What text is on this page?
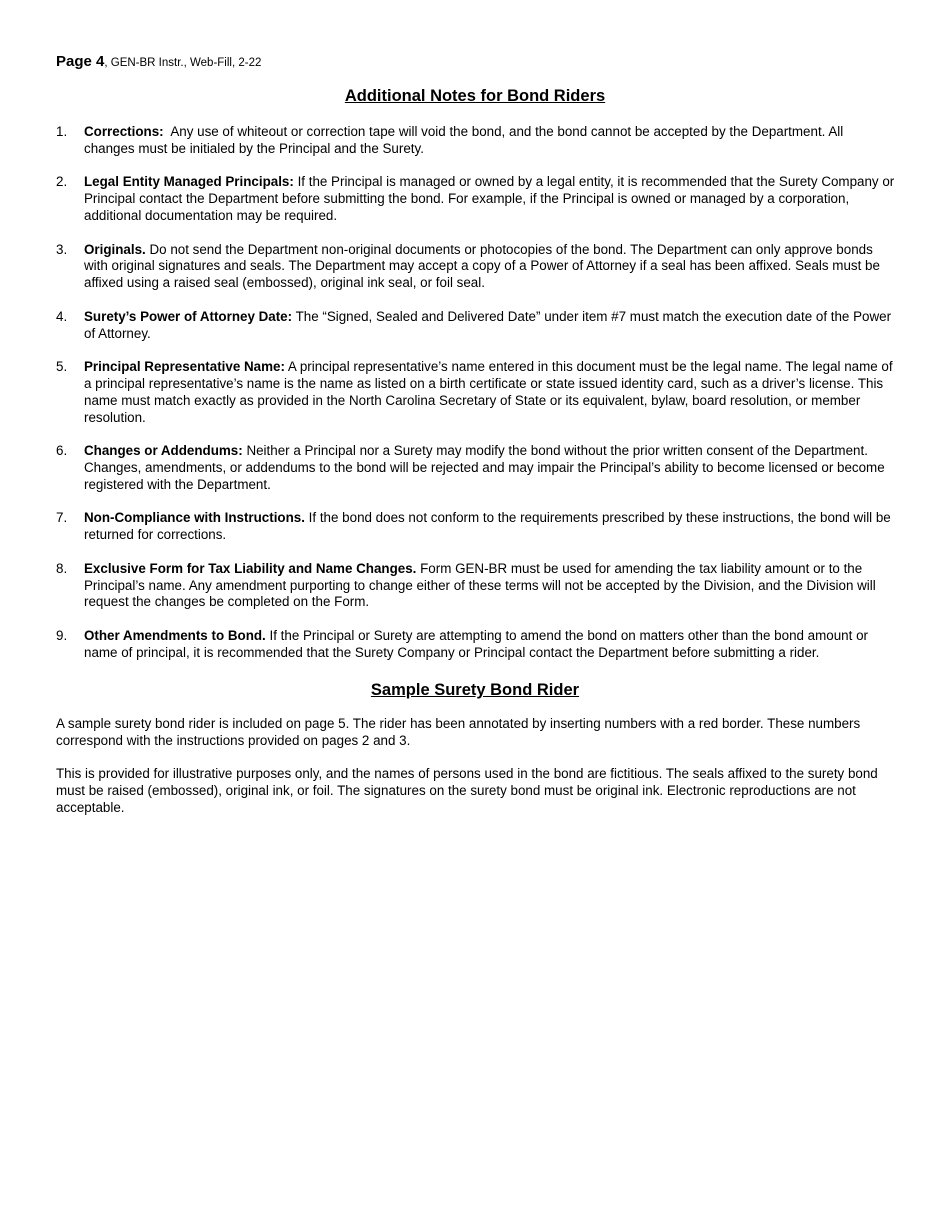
Page 4, GEN-BR Instr., Web-Fill, 2-22
Additional Notes for Bond Riders
1.	Corrections:  Any use of whiteout or correction tape will void the bond, and the bond cannot be accepted by the Department. All changes must be initialed by the Principal and the Surety.
2.	Legal Entity Managed Principals: If the Principal is managed or owned by a legal entity, it is recommended that the Surety Company or Principal contact the Department before submitting the bond. For example, if the Principal is owned or managed by a corporation, additional documentation may be required.
3.	Originals. Do not send the Department non-original documents or photocopies of the bond. The Department can only approve bonds with original signatures and seals. The Department may accept a copy of a Power of Attorney if a seal has been affixed. Seals must be affixed using a raised seal (embossed), original ink seal, or foil seal.
4.	Surety’s Power of Attorney Date: The “Signed, Sealed and Delivered Date” under item #7 must match the execution date of the Power of Attorney.
5.	Principal Representative Name: A principal representative’s name entered in this document must be the legal name. The legal name of a principal representative’s name is the name as listed on a birth certificate or state issued identity card, such as a driver’s license. This name must match exactly as provided in the North Carolina Secretary of State or its equivalent, bylaw, board resolution, or member resolution.
6.	Changes or Addendums: Neither a Principal nor a Surety may modify the bond without the prior written consent of the Department. Changes, amendments, or addendums to the bond will be rejected and may impair the Principal’s ability to become licensed or become registered with the Department.
7.	Non-Compliance with Instructions. If the bond does not conform to the requirements prescribed by these instructions, the bond will be returned for corrections.
8.	Exclusive Form for Tax Liability and Name Changes. Form GEN-BR must be used for amending the tax liability amount or to the Principal’s name. Any amendment purporting to change either of these terms will not be accepted by the Division, and the Division will request the changes be completed on the Form.
9.	Other Amendments to Bond. If the Principal or Surety are attempting to amend the bond on matters other than the bond amount or name of principal, it is recommended that the Surety Company or Principal contact the Department before submitting a rider.
Sample Surety Bond Rider

A sample surety bond rider is included on page 5. The rider has been annotated by inserting numbers with a red border. These numbers correspond with the instructions provided on pages 2 and 3.

This is provided for illustrative purposes only, and the names of persons used in the bond are fictitious. The seals affixed to the surety bond must be raised (embossed), original ink, or foil. The signatures on the surety bond must be original ink. Electronic reproductions are not acceptable.
